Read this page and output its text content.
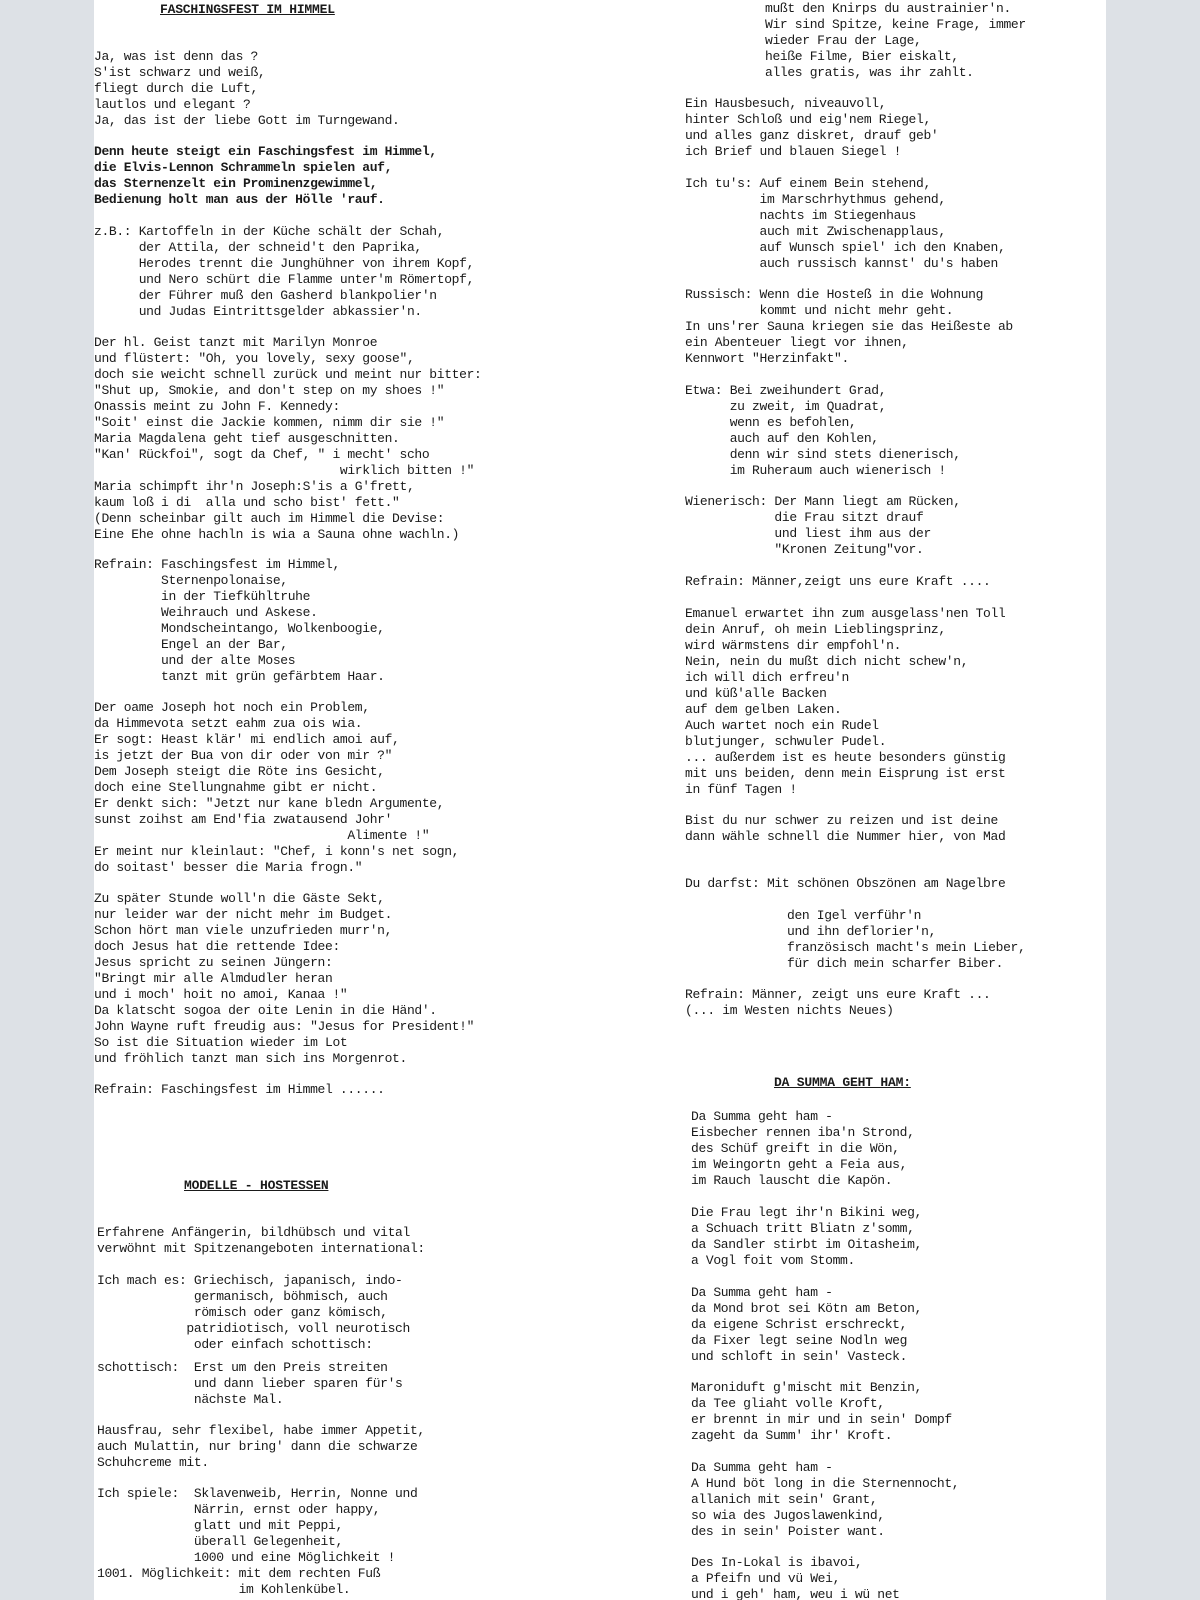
FASCHINGSFEST IM HIMMEL
Ja, was ist denn das ?
S'ist schwarz und weiß,
fliegt durch die Luft,
lautlos und elegant ?
Ja, das ist der liebe Gott im Turngewand.
Denn heute steigt ein Faschingsfest im Himmel,
die Elvis-Lennon Schrammeln spielen auf,
das Sternenzelt ein Prominenzgewimmel,
Bedienung holt man aus der Hölle 'rauf.
z.B.: Kartoffeln in der Küche schält der Schah,
der Attila, der schneid't den Paprika,
Herodes trennt die Junghühner von ihrem Kopf,
und Nero schürt die Flamme unter'm Römertopf,
der Führer muß den Gasherd blankpolier'n
und Judas Eintrittsgelder abkassier'n.
Der hl. Geist tanzt mit Marilyn Monroe
und flüstert: "Oh, you lovely, sexy goose",
doch sie weicht schnell zurück und meint nur bitter:
"Shut up, Smokie, and don't step on my shoes !"
Onassis meint zu John F. Kennedy:
"Soit' einst die Jackie kommen, nimm dir sie !"
Maria Magdalena geht tief ausgeschnitten.
"Kan' Rückfoi", sogt da Chef, " i mecht' scho
wirklich bitten !"
Maria schimpft ihr'n Joseph:S'is a G'frett,
kaum loß i di  alla und scho bist' fett."
(Denn scheinbar gilt auch im Himmel die Devise:
Eine Ehe ohne hachln is wia a Sauna ohne wachln.)
Refrain: Faschingsfest im Himmel,
Sternenpolonaise,
in der Tiefkühltruhe
Weihrauch und Askese.
Mondscheintango, Wolkenboogie,
Engel an der Bar,
und der alte Moses
tanzt mit grün gefärbtem Haar.
Der oame Joseph hot noch ein Problem,
da Himmevota setzt eahm zua ois wia.
Er sogt: Heast klär' mi endlich amoi auf,
is jetzt der Bua von dir oder von mir ?"
Dem Joseph steigt die Röte ins Gesicht,
doch eine Stellungnahme gibt er nicht.
Er denkt sich: "Jetzt nur kane bledn Argumente,
sunst zoihst am End'fia zwatausend Johr'
Alimente !"
Er meint nur kleinlaut: "Chef, i konn's net sogn,
do soitast' besser die Maria frogn."
Zu später Stunde woll'n die Gäste Sekt,
nur leider war der nicht mehr im Budget.
Schon hört man viele unzufrieden murr'n,
doch Jesus hat die rettende Idee:
Jesus spricht zu seinen Jüngern:
"Bringt mir alle Almdudler heran
und i moch' hoit no amoi, Kanaa !"
Da klatscht sogoa der oite Lenin in die Händ'.
John Wayne ruft freudig aus: "Jesus for President!"
So ist die Situation wieder im Lot
und fröhlich tanzt man sich ins Morgenrot.
Refrain: Faschingsfest im Himmel ......
MODELLE - HOSTESSEN
Erfahrene Anfängerin, bildhübsch und vital
verwöhnt mit Spitzenangeboten international:
Ich mach es: Griechisch, japanisch, indo-
germanisch, böhmisch, auch
römisch oder ganz kömisch,
patridiotisch, voll neurotisch
oder einfach schottisch:
schottisch:  Erst um den Preis streiten
und dann lieber sparen für's
nächste Mal.
Hausfrau, sehr flexibel, habe immer Appetit,
auch Mulattin, nur bring' dann die schwarze
Schuhcreme mit.
Ich spiele:  Sklavenweib, Herrin, Nonne und
Närrin, ernst oder happy,
glatt und mit Peppi,
überall Gelegenheit,
1000 und eine Möglichkeit !
1001. Möglichkeit: mit dem rechten Fuß
im Kohlenkübel.
mußt den Knirps du austrainier'n.
Wir sind Spitze, keine Frage, immer
wieder Frau der Lage,
heiße Filme, Bier eiskalt,
alles gratis, was ihr zahlt.
Ein Hausbesuch, niveauvoll,
hinter Schloß und eig'nem Riegel,
und alles ganz diskret, drauf geb'
ich Brief und blauen Siegel !
Ich tu's: Auf einem Bein stehend,
im Marschrhythmus gehend,
nachts im Stiegenhaus
auch mit Zwischenapplaus,
auf Wunsch spiel' ich den Knaben,
auch russisch kannst' du's haben
Russisch: Wenn die Hosteß in die Wohnung
kommt und nicht mehr geht.
In uns'rer Sauna kriegen sie das Heißeste ab
ein Abenteuer liegt vor ihnen,
Kennwort "Herzinfakt".
Etwa: Bei zweihundert Grad,
zu zweit, im Quadrat,
wenn es befohlen,
auch auf den Kohlen,
denn wir sind stets dienerisch,
im Ruheraum auch wienerisch !
Wienerisch: Der Mann liegt am Rücken,
die Frau sitzt drauf
und liest ihm aus der
"Kronen Zeitung"vor.
Refrain: Männer,zeigt uns eure Kraft ....
Emanuel erwartet ihn zum ausgelass'nen Toll
dein Anruf, oh mein Lieblingsprinz,
wird wärmstens dir empfohl'n.
Nein, nein du mußt dich nicht schew'n,
ich will dich erfreu'n
und küß'alle Backen
auf dem gelben Laken.
Auch wartet noch ein Rudel
blutjunger, schwuler Pudel.
... außerdem ist es heute besonders günstig
mit uns beiden, denn mein Eisprung ist erst
in fünf Tagen !
Bist du nur schwer zu reizen und ist deine
dann wähle schnell die Nummer hier, von Mad
Du darfst: Mit schönen Obszönen am Nagelbre
den Igel verführ'n
und ihn deflorier'n,
französisch macht's mein Lieber,
für dich mein scharfer Biber.
Refrain: Männer, zeigt uns eure Kraft ...
(... im Westen nichts Neues)
DA SUMMA GEHT HAM:
Da Summa geht ham -
Eisbecher rennen iba'n Strond,
des Schüf greift in die Wön,
im Weingortn geht a Feia aus,
im Rauch lauscht die Kapön.
Die Frau legt ihr'n Bikini weg,
a Schuach tritt Bliatn z'somm,
da Sandler stirbt im Oitasheim,
a Vogl foit vom Stomm.
Da Summa geht ham -
da Mond brot sei Kötn am Beton,
da eigene Schrist erschreckt,
da Fixer legt seine Nodln weg
und schloft in sein' Vasteck.
Maroniduft g'mischt mit Benzin,
da Tee gliaht volle Kroft,
er brennt in mir und in sein' Dompf
zageht da Summ' ihr' Kroft.
Da Summa geht ham -
A Hund böt long in die Sternennocht,
allanich mit sein' Grant,
so wia des Jugoslawenkind,
des in sein' Poister want.
Des In-Lokal is ibavoi,
a Pfeifn und vü Wei,
und i geh' ham, weu i wü net
